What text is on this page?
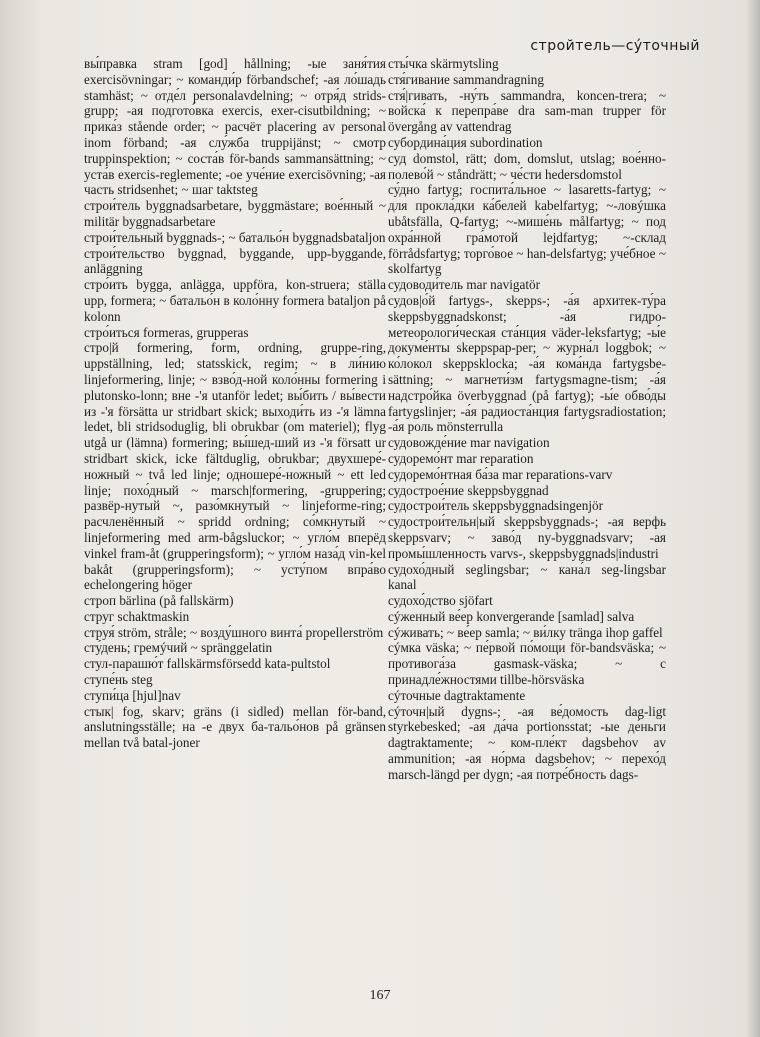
стройтель—сýточный
вы́правка stram [god] hållning; -ые заня́тия exercisövningar; ~ команди́р förbandschef; -ая ло́шадь stamhäst; ~ отде́л personalavdelning; ~ отря́д strids-grupp; -ая подгото́вка exercis, exer-cisutbildning; ~ прика́з stående order; ~ расчёт placering av personal inom förband; -ая слу́жба truppijänst; ~ смотр truppinspektion; ~ соста́в för-bands sammansättning; ~ уста́в exercis-reglemente; -ое уче́ние exercisövning; -ая часть stridsenhet; ~ шаг taktsteg
строи́тель byggnadsarbetare, byggmästare; вое́нный ~ militär byggnadsarbetare
строи́тельный byggnads-; ~ батальо́н byggnadsbataljon
строи́тельство byggnad, byggande, upp-byggande, anläggning
стро́ить bygga, anlägga, uppföra, kon-struera; ställa upp, formera; ~ батальо́н в коло́нну formera bataljon på kolonn
стро́иться formeras, grupperas
стро|й formering, form, ordning, gruppe-ring, uppställning, led; statsskick, regim; ~ в ли́нию linjeformering, linje; ~ взво́д-ной коло́нны formering i plutonsko-lonn; вне -'я utanför ledet; вы́бить / вы́вести из -'я försätta ur stridbart skick; выходи́ть из -'я lämna ledet, bli stridsoduglig, bli obrukbar (om materiel); flyg utgå ur (lämna) formering; вы́шед-ший из -'я försatt ur stridbart skick, icke fältduglig, obrukbar; двухшере́-ножный ~ två led linje; одношере́-ножный ~ ett led linje; похо́дный ~ marsch|formering, -gruppering; развёр-нутый ~, разо́мкнутый ~ linjeforme-ring; расчленённый ~ spridd ordning; со́мкнутый ~ linjeformering med arm-bågsluckor; ~ угло́м вперёд vinkel fram-åt (grupperingsform); ~ угло́м наза́д vin-kel bakåt (grupperingsform); ~ усту́пом впра́во echelongering höger
строп bärlina (på fallskärm)
струг schaktmaskin
струя́ ström, stråle; ~ возду́шного винта́ propellerström
сту́день; гремýчий ~ spränggelatin
стул-парашю́т fallskärmsförsedd kata-pultstol
ступе́нь steg
ступи́ца [hjul]nav
стык| fog, skarv; gräns (i sidled) mellan för-band, anslutningsställe; на -е двух ба-тальо́нов på gränsen mellan två batal-joner
сты́чка skärmytsling
стя́гивание sammandragning
стя́|гивать, -ну́ть sammandra, koncen-trera; ~ войска́ к перепра́ве dra sam-man trupper för övergång av vattendrag
субордина́ция subordination
суд domstol, rätt; dom, domslut, utslag; вое́нно-полево́й ~ ståndrätt; ~ че́сти hedersdomstol
су́дно fartyg; госпита́льное ~ lasaretts-fartyg; ~ для прокла́дки ка́белей kabelfartyg; ~-ловýшка ubåtsfälla, Q-fartyg; ~-мише́нь målfartyg; ~ под охра́нной гра́мотой lejdfartyg; ~-склад förrådsfartyg; торго́вое ~ han-delsfartyg; уче́бное ~ skolfartyg
судоводи́тель mar navigatör
судов|о́й fartygs-, skepps-; -а́я архитек-ту́ра skeppsbyggnadskonst; -а́я гидро-метеорологи́ческая ста́нция väder-leksfartyg; -ы́е докуме́нты skeppspap-per; ~ журна́л loggbok; ~ ко́локол skeppsklocka; -а́я кома́нда fartygsbe-sättning; ~ магнети́зм fartygsmagne-tism; -а́я надстро́йка överbyggnad (på fartyg); -ы́е обво́ды fartygslinjer; -а́я радиоста́нция fartygsradiostation; -а́я роль mönsterrulla
судовожде́ние mar navigation
судоремо́нт mar reparation
судоремо́нтная ба́за mar reparations-varv
судострое́ние skeppsbyggnad
судострои́тель skeppsbyggnadsingenjör
судострои́тельн|ый skeppsbyggnads-; -ая верфь skeppsvarv; ~ заво́д ny-byggnadsvarv; -ая промы́шленность varvs-, skeppsbyggnads|industri
судохо́дный seglingsbar; ~ кана́л seg-lingsbar kanal
судохо́дство sjöfart
сýженный ве́ер konvergerande [samlad] salva
сýживать; ~ ве́ер samla; ~ ви́лку tränga ihop gaffel
сýмка väska; ~ пе́рвой по́мощи för-bandsväska; ~ противога́за gasmask-väska; ~ с принадле́жностями tillbe-hörsväska
сýточные dagtraktamente
сýточн|ый dygns-; -ая ве́домость dag-ligt styrkebesked; -ая да́ча portionsstat; -ые де́ньги dagtraktamente; ~ ком-пле́кт dagsbehov av ammunition; -ая но́рма dagsbehov; ~ перехо́д marsch-längd per dygn; -ая потре́бность dags-
167
